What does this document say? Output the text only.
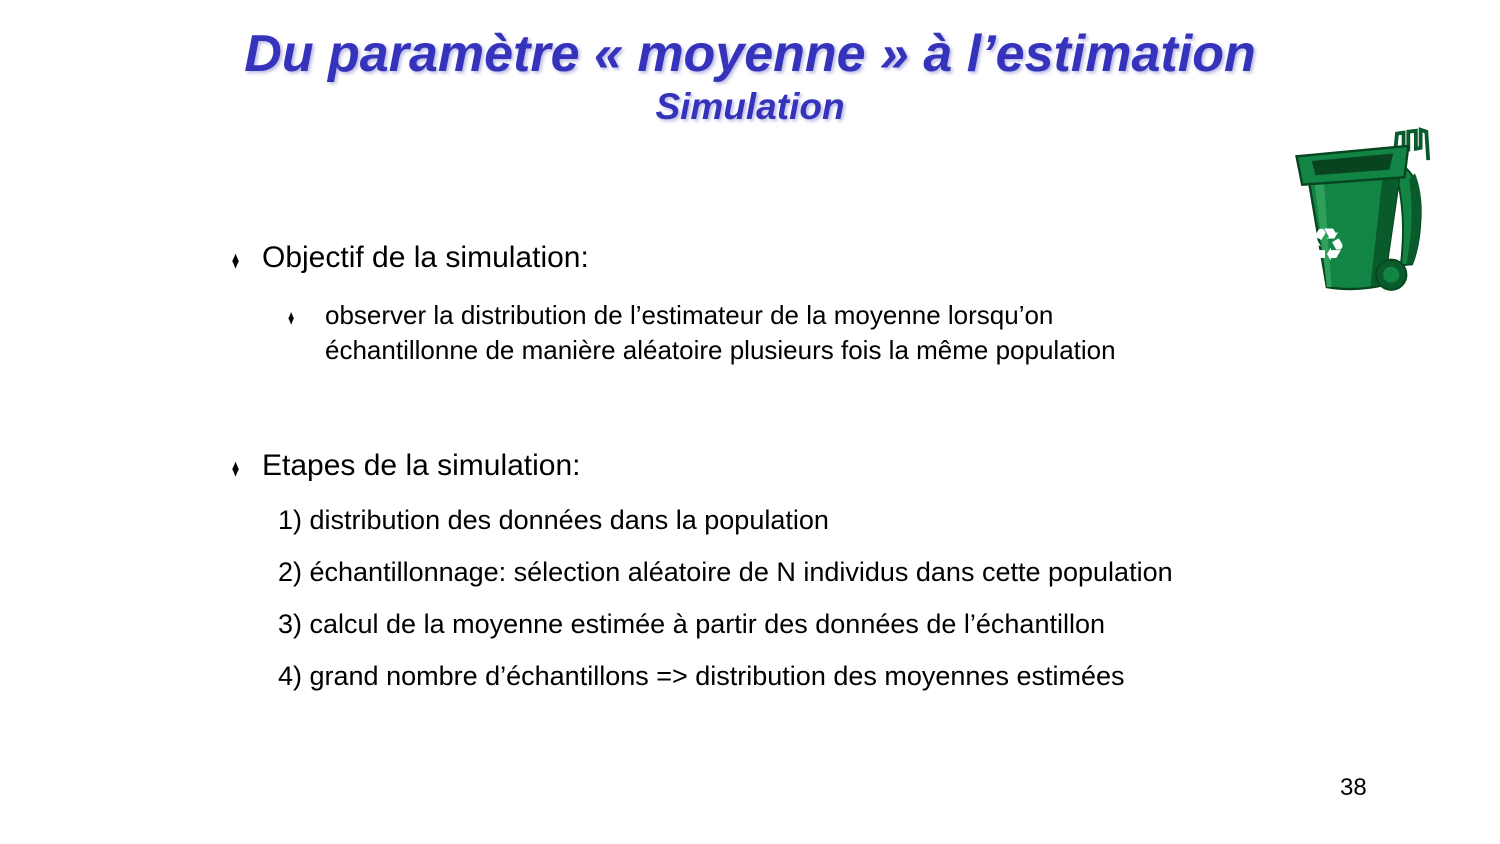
Du paramètre « moyenne » à l’estimation
Simulation
♻
♦ Objectif de la simulation:
♦ observer la distribution de l’estimateur de la moyenne lorsqu’on
échantillonne de manière aléatoire plusieurs fois la même population
♦ Etapes de la simulation:
1) distribution des données dans la population
2) échantillonnage: sélection aléatoire de N individus dans cette population
3) calcul de la moyenne estimée à partir des données de l’échantillon
4) grand nombre d’échantillons => distribution des moyennes estimées
38
